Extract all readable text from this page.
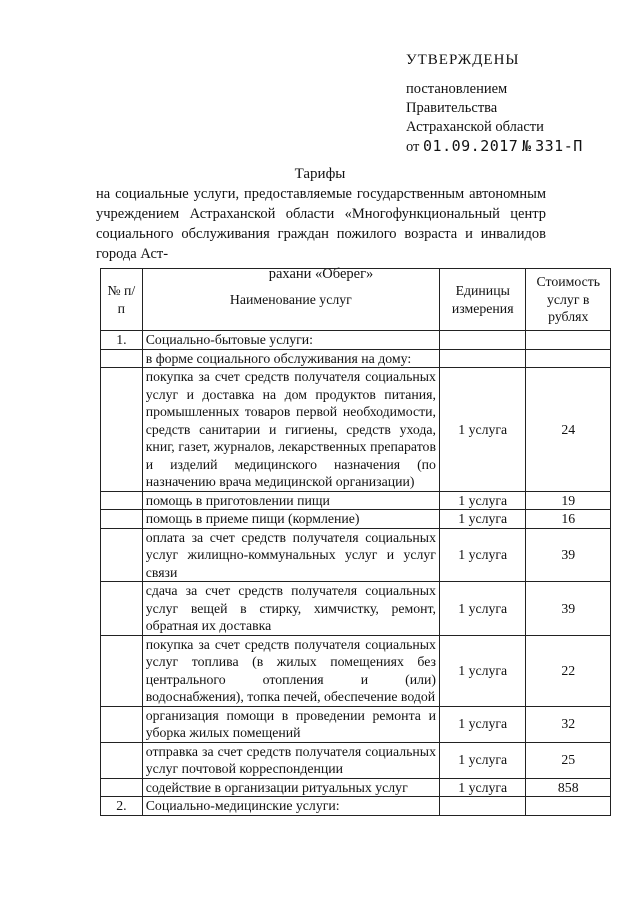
УТВЕРЖДЕНЫ
постановлением
Правительства
Астраханской области
от 01.09.2017 № 331-П
Тарифы
на социальные услуги, предоставляемые государственным автономным учреждением Астраханской области «Многофункциональный центр социального обслуживания граждан пожилого возраста и инвалидов города Аст-
рахани «Оберег»
№ п/п	Наименование услуг	Единицы измерения	Стоимость услуг в рублях
1.	Социально-бытовые услуги:		
	в форме социального обслуживания на дому:		
	покупка за счет средств получателя социальных услуг и доставка на дом продуктов питания, промышленных товаров первой необходимости, средств санитарии и гигиены, средств ухода, книг, газет, журналов, лекарственных препаратов и изделий медицинского назначения (по назначению врача медицинской организации)	1 услуга	24
	помощь в приготовлении пищи	1 услуга	19
	помощь в приеме пищи (кормление)	1 услуга	16
	оплата за счет средств получателя социальных услуг жилищно-коммунальных услуг и услуг связи	1 услуга	39
	сдача за счет средств получателя социальных услуг вещей в стирку, химчистку, ремонт, обратная их доставка	1 услуга	39
	покупка за счет средств получателя социальных услуг топлива (в жилых помещениях без центрального отопления и (или) водоснабжения), топка печей, обеспечение водой	1 услуга	22
	организация помощи в проведении ремонта и уборка жилых помещений	1 услуга	32
	отправка за счет средств получателя социальных услуг почтовой корреспонденции	1 услуга	25
	содействие в организации ритуальных услуг	1 услуга	858
2.	Социально-медицинские услуги:		
